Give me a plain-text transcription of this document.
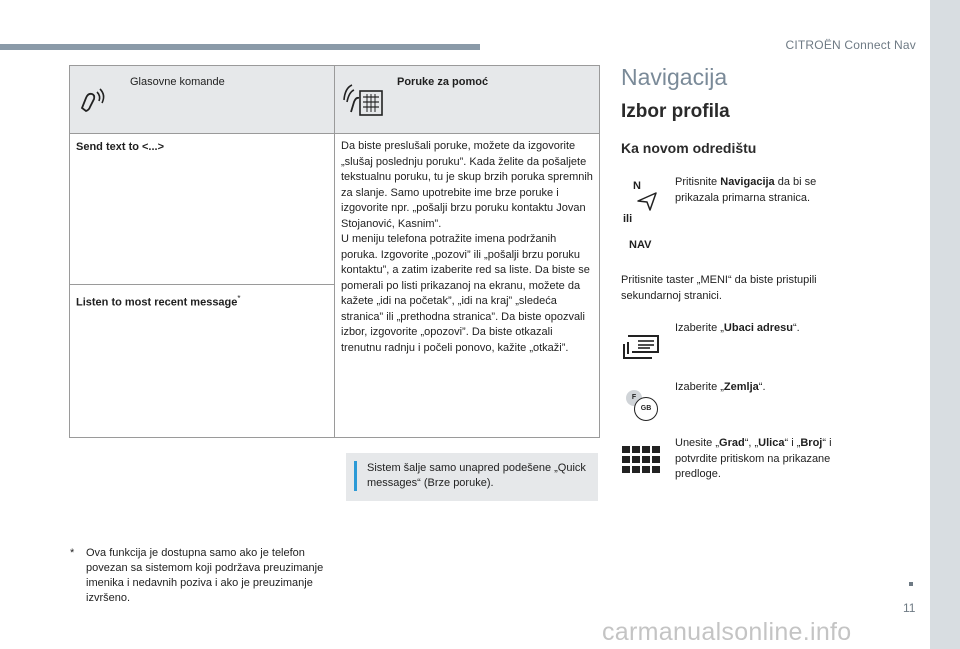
CITROËN Connect Nav
11
Glasovne komande	Poruke za pomoć

Send text to <...>	Da biste preslušali poruke, možete da izgovorite „slušaj poslednju poruku”. Kada želite da pošaljete tekstualnu poruku, tu je skup brzih poruka spremnih za slanje. Samo upotrebite ime brze poruke i izgovorite npr. „pošalji brzu poruku kontaktu Jovan Stojanović, Kasnim”.

U meniju telefona potražite imena podržanih poruka. Izgovorite „pozovi” ili „pošalji brzu poruku kontaktu”, a zatim izaberite red sa liste. Da biste se pomerali po listi prikazanoj na ekranu, možete da kažete „idi na početak”, „idi na kraj” „sledeća stranica” ili „prethodna stranica”. Da biste opozvali izbor, izgovorite „opozovi”. Da biste otkazali trenutnu radnju i počeli ponovo, kažite „otkaži”.

Listen to most recent message*
Sistem šalje samo unapred podešene „Quick messages“ (Brze poruke).
* Ova funkcija je dostupna samo ako je telefon povezan sa sistemom koji podržava preuzimanje imenika i nedavnih poziva i ako je preuzimanje izvršeno.
Navigacija
Izbor profila
Ka novom odredištu
N
ili
NAV
Pritisnite Navigacija da bi se prikazala primarna stranica.
Pritisnite taster „MENI“ da biste pristupili sekundarnoj stranici.
Izaberite „Ubaci adresu“.
F
GB
Izaberite „Zemlja“.
Unesite „Grad“, „Ulica“ i „Broj“ i potvrdite pritiskom na prikazane predloge.
carmanualsonline.info
